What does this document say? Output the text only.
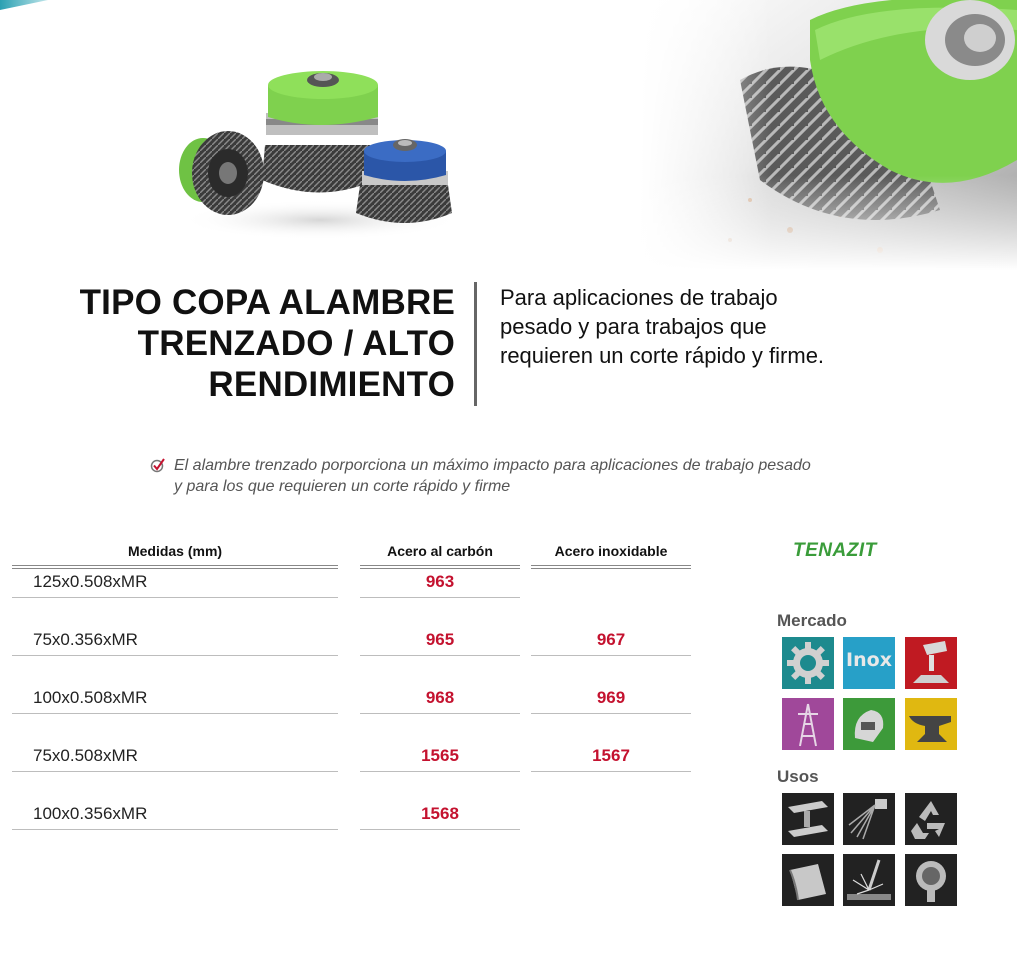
TIPO COPA ALAMBRE
TRENZADO / ALTO
RENDIMIENTO
Para aplicaciones de trabajo
pesado y para trabajos que
requieren un corte rápido y firme.
El alambre trenzado porporciona un máximo impacto para aplicaciones de trabajo pesado
y para los que requieren un corte rápido y firme
Medidas (mm)	Acero al carbón	Acero inoxidable
125x0.508xMR	963
75x0.356xMR	965	967
100x0.508xMR	968	969
75x0.508xMR	1565	1567
100x0.356xMR	1568
TENAZIT
Mercado
Inox
Usos
